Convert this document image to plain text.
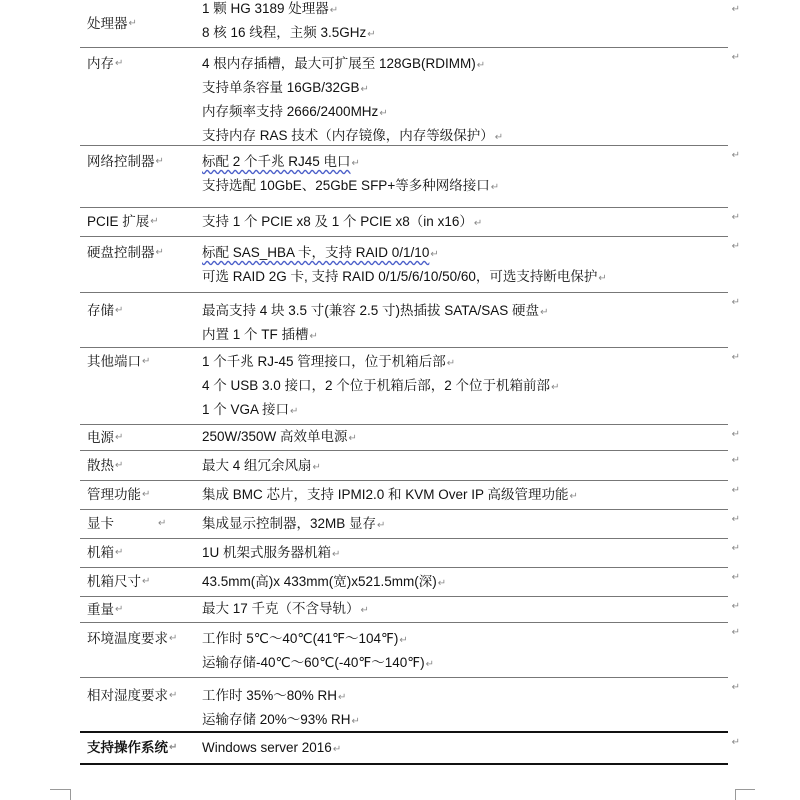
处理器 ↵
1 颗 HG 3189 处理器↵
8 核 16 线程，主频 3.5GHz↵
↵
内存 ↵	4 根内存插槽，最大可扩展至 128GB(RDIMM)↵
支持单条容量 16GB/32GB↵
内存频率支持 2666/2400MHz↵
支持内存 RAS 技术（内存镜像，内存等级保护）↵
↵
网络控制器 ↵	标配 2 个千兆 RJ45 电口↵
支持选配 10GbE、25GbE SFP+等多种网络接口↵
↵
PCIE 扩展 ↵	支持 1 个 PCIE x8 及 1 个 PCIE x8（in x16）↵
↵
硬盘控制器 ↵	标配 SAS_HBA 卡，支持 RAID 0/1/10↵
可选 RAID 2G 卡, 支持 RAID 0/1/5/6/10/50/60，可选支持断电保护↵
↵
存储 ↵	最高支持 4 块 3.5 寸(兼容 2.5 寸)热插拔 SATA/SAS 硬盘↵
内置 1 个 TF 插槽↵
↵
其他端口 ↵	1 个千兆 RJ-45 管理接口，位于机箱后部↵
4 个 USB 3.0 接口，2 个位于机箱后部，2 个位于机箱前部↵
1 个 VGA 接口↵
↵
电源 ↵	250W/350W 高效单电源↵	↵
散热 ↵	最大 4 组冗余风扇↵
↵
管理功能 ↵	集成 BMC 芯片，支持 IPMI2.0 和 KVM Over IP 高级管理功能↵
↵
显卡	↵	集成显示控制器，32MB 显存↵
↵
机箱 ↵	1U 机架式服务器机箱↵
↵
机箱尺寸 ↵	43.5mm(高)x 433mm(宽)x521.5mm(深)↵
↵
重量 ↵	最大 17 千克（不含导轨）↵	↵
环境温度要求 ↵ 工作时 5℃～40℃(41℉～104℉)↵
运输存储-40℃～60℃(-40℉～140℉)↵
↵
相对湿度要求 ↵ 工作时 35%～80% RH↵
运输存储 20%～93% RH↵
↵
支持操作系统 ↵ Windows server 2016↵
↵
